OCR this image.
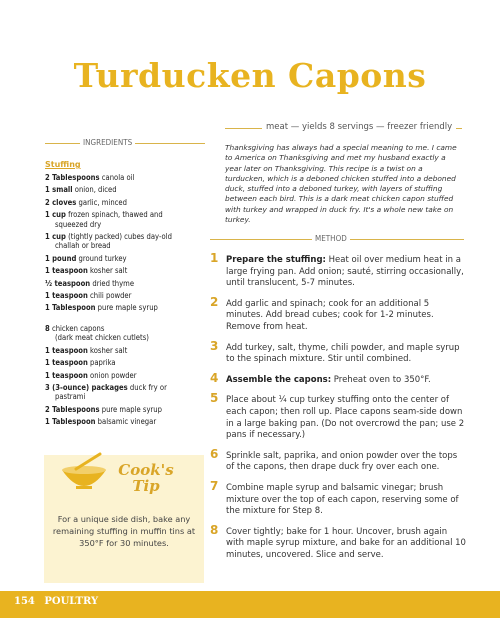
Turducken Capons
meat — yields 8 servings — freezer friendly
INGREDIENTS
Thanksgiving has always had a special meaning to me. I came to America on Thanksgiving and met my husband exactly a year later on Thanksgiving. This recipe is a twist on a turducken, which is a deboned chicken stuffed into a deboned duck, stuffed into a deboned turkey, with layers of stuffing between each bird. This is a dark meat chicken capon stuffed with turkey and wrapped in duck fry. It's a whole new take on turkey.
METHOD
Stuffing
2 Tablespoons canola oil
1 small onion, diced
2 cloves garlic, minced
1 cup frozen spinach, thawed and
squeezed dry
1 cup (tightly packed) cubes day-old
challah or bread
1 pound ground turkey
1 teaspoon kosher salt
½ teaspoon dried thyme
1 teaspoon chili powder
1 Tablespoon pure maple syrup
8 chicken capons
(dark meat chicken cutlets)
1 teaspoon kosher salt
1 teaspoon paprika
1 teaspoon onion powder
3 (3-ounce) packages duck fry or
pastrami
2 Tablespoons pure maple syrup
1 Tablespoon balsamic vinegar
Cook's
Tip
For a unique side dish, bake any remaining stuffing in muffin tins at 350°F for 30 minutes.
1 Prepare the stuffing: Heat oil over medium heat in a large frying pan. Add onion; sauté, stirring occasionally, until translucent, 5-7 minutes.
2 Add garlic and spinach; cook for an additional 5 minutes. Add bread cubes; cook for 1-2 minutes. Remove from heat.
3 Add turkey, salt, thyme, chili powder, and maple syrup to the spinach mixture. Stir until combined.
4 Assemble the capons: Preheat oven to 350°F.
5 Place about ¼ cup turkey stuffing onto the center of each capon; then roll up. Place capons seam-side down in a large baking pan. (Do not overcrowd the pan; use 2 pans if necessary.)
6 Sprinkle salt, paprika, and onion powder over the tops of the capons, then drape duck fry over each one.
7 Combine maple syrup and balsamic vinegar; brush mixture over the top of each capon, reserving some of the mixture for Step 8.
8 Cover tightly; bake for 1 hour. Uncover, brush again with maple syrup mixture, and bake for an additional 10 minutes, uncovered. Slice and serve.
154 POULTRY
